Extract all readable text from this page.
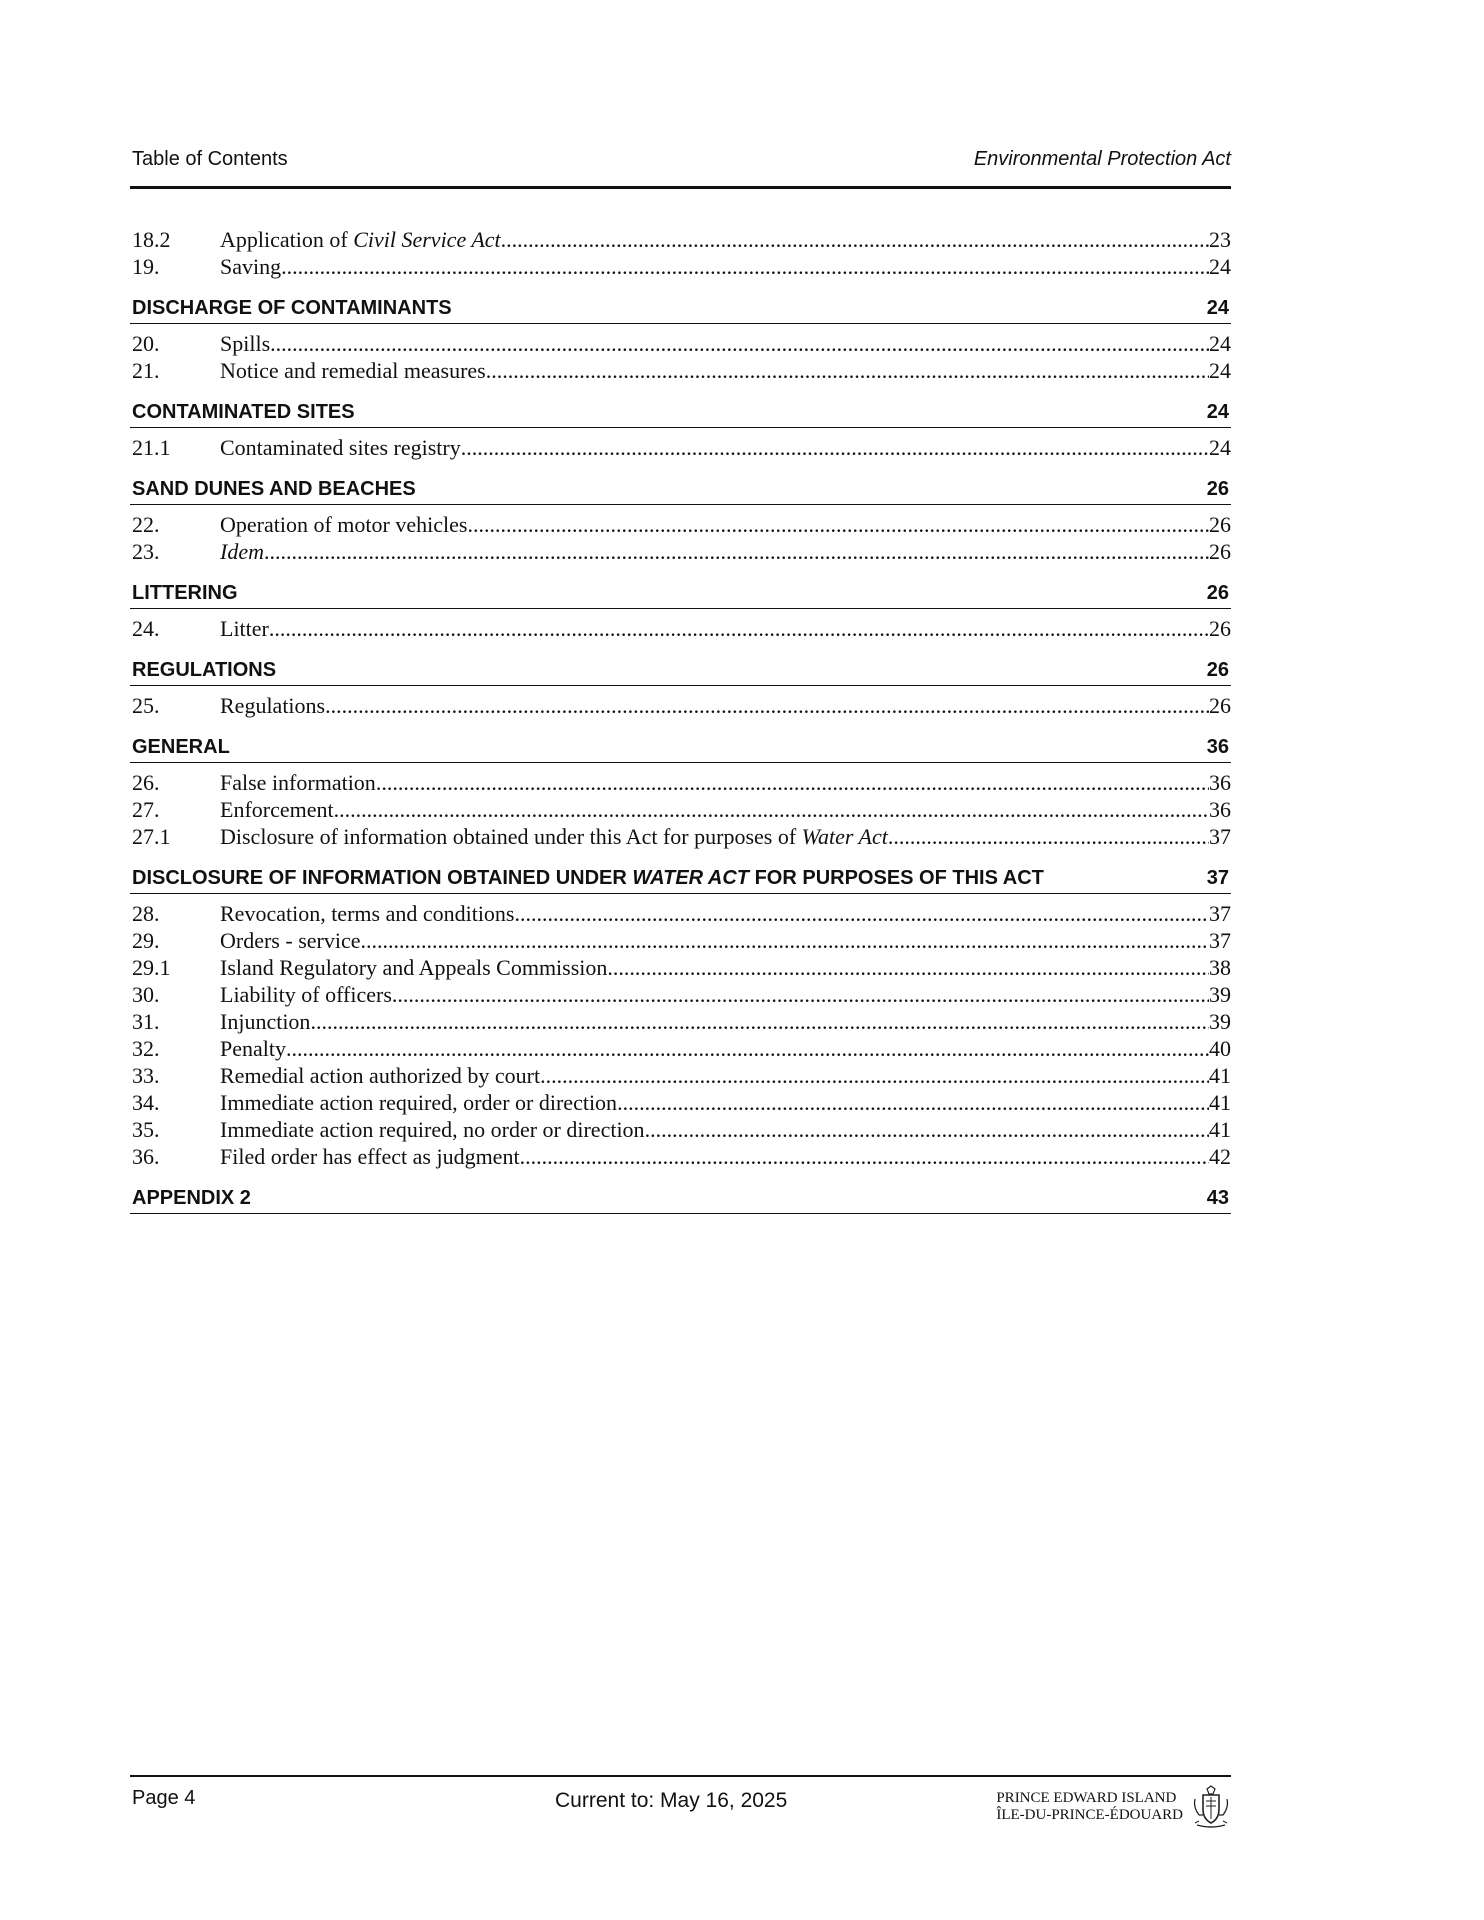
Table of Contents	Environmental Protection Act
18.2	Application of Civil Service Act .....	23
19.	Saving .....	24
DISCHARGE OF CONTAMINANTS	24
20.	Spills .....	24
21.	Notice and remedial measures .....	24
CONTAMINATED SITES	24
21.1	Contaminated sites registry .....	24
SAND DUNES AND BEACHES	26
22.	Operation of motor vehicles .....	26
23.	Idem .....	26
LITTERING	26
24.	Litter .....	26
REGULATIONS	26
25.	Regulations .....	26
GENERAL	36
26.	False information .....	36
27.	Enforcement .....	36
27.1	Disclosure of information obtained under this Act for purposes of Water Act .....	37
DISCLOSURE OF INFORMATION OBTAINED UNDER WATER ACT FOR PURPOSES OF THIS ACT	37
28.	Revocation, terms and conditions .....	37
29.	Orders - service .....	37
29.1	Island Regulatory and Appeals Commission .....	38
30.	Liability of officers .....	39
31.	Injunction .....	39
32.	Penalty .....	40
33.	Remedial action authorized by court .....	41
34.	Immediate action required, order or direction .....	41
35.	Immediate action required, no order or direction .....	41
36.	Filed order has effect as judgment .....	42
APPENDIX 2	43
Page 4	Current to: May 16, 2025	PRINCE EDWARD ISLAND
ÎLE-DU-PRINCE-ÉDOUARD
